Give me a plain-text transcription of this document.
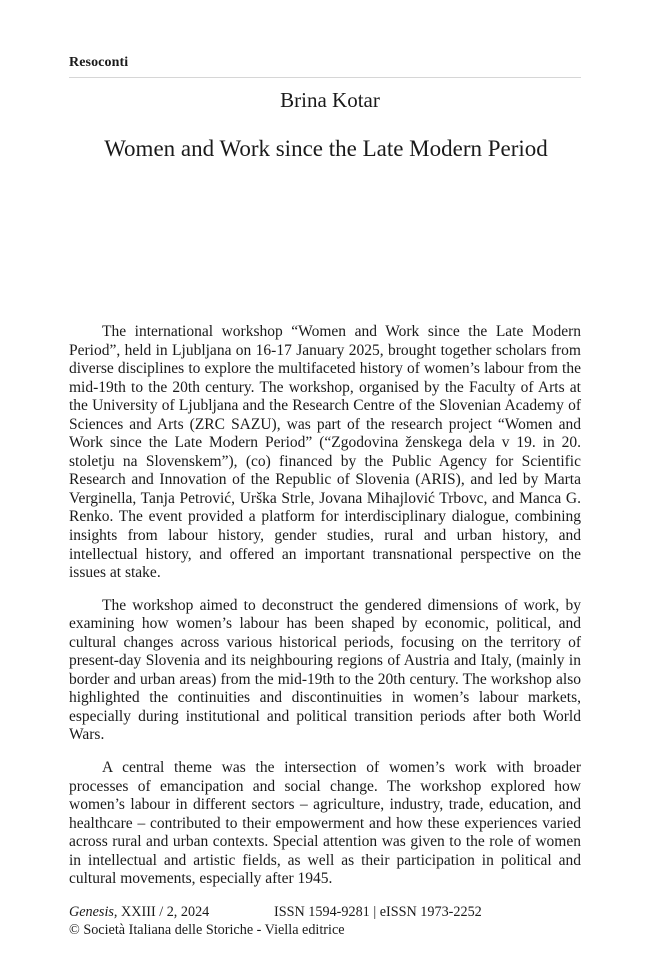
Resoconti
Brina Kotar
Women and Work since the Late Modern Period

The international workshop “Women and Work since the Late Modern Period”, held in Ljubljana on 16-17 January 2025, brought together scholars from diverse disciplines to explore the multifaceted history of women’s labour from the mid-19th to the 20th century. The workshop, organised by the Faculty of Arts at the University of Ljubljana and the Research Centre of the Slovenian Academy of Sciences and Arts (ZRC SAZU), was part of the research project “Women and Work since the Late Modern Period” (“Zgodovina ženskega dela v 19. in 20. stoletju na Slovenskem”), (co) financed by the Public Agency for Scientific Research and Innovation of the Republic of Slovenia (ARIS), and led by Marta Verginella, Tanja Petrović, Urška Strle, Jovana Mihajlović Trbovc, and Manca G. Renko. The event provided a platform for interdisciplinary dialogue, combining insights from labour history, gender studies, rural and urban history, and intellectual history, and offered an important transnational perspective on the issues at stake.

The workshop aimed to deconstruct the gendered dimensions of work, by examining how women’s labour has been shaped by economic, political, and cultural changes across various historical periods, focusing on the territory of present-day Slovenia and its neighbouring regions of Austria and Italy, (mainly in border and urban areas) from the mid-19th to the 20th century. The workshop also highlighted the continuities and discontinuities in women’s labour markets, especially during institutional and political transition periods after both World Wars.

A central theme was the intersection of women’s work with broader processes of emancipation and social change. The workshop explored how women’s labour in different sectors – agriculture, industry, trade, education, and healthcare – contributed to their empowerment and how these experiences varied across rural and urban contexts. Special attention was given to the role of women in intellectual and artistic fields, as well as their participation in political and cultural movements, especially after 1945.

Genesis, XXIII / 2, 2024	ISSN 1594-9281 | eISSN 1973-2252
© Società Italiana delle Storiche - Viella editrice
